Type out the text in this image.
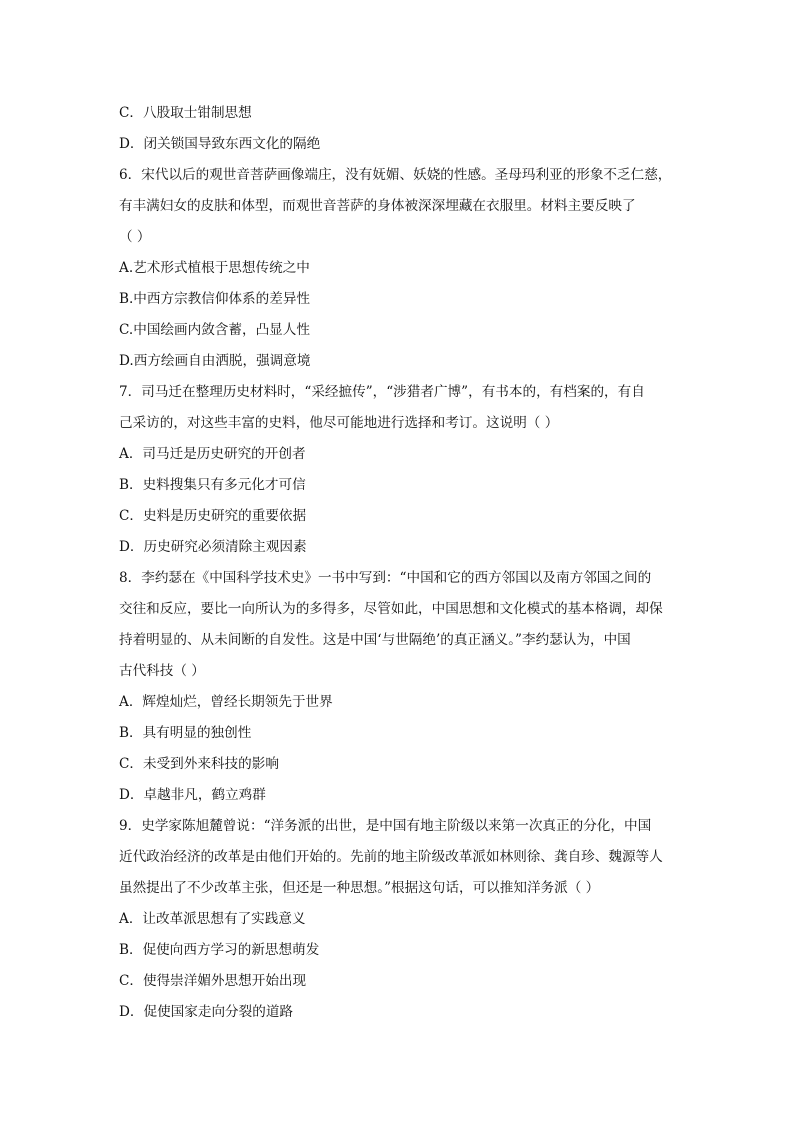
C．八股取士钳制思想
D．闭关锁国导致东西文化的隔绝
6．宋代以后的观世音菩萨画像端庄，没有妩媚、妖娆的性感。圣母玛利亚的形象不乏仁慈，
有丰满妇女的皮肤和体型，而观世音菩萨的身体被深深埋藏在衣服里。材料主要反映了
（ ）
A.艺术形式植根于思想传统之中
B.中西方宗教信仰体系的差异性
C.中国绘画内敛含蓄，凸显人性
D.西方绘画自由洒脱，强调意境
7．司马迁在整理历史材料时，“采经摭传”，“涉猎者广博”，有书本的，有档案的，有自
己采访的，对这些丰富的史料，他尽可能地进行选择和考订。这说明（ ）
A．司马迁是历史研究的开创者
B．史料搜集只有多元化才可信
C．史料是历史研究的重要依据
D．历史研究必须清除主观因素
8．李约瑟在《中国科学技术史》一书中写到：“中国和它的西方邻国以及南方邻国之间的
交往和反应，要比一向所认为的多得多，尽管如此，中国思想和文化模式的基本格调，却保
持着明显的、从未间断的自发性。这是中国‘与世隔绝’的真正涵义。”李约瑟认为，中国
古代科技（ ）
A．辉煌灿烂，曾经长期领先于世界
B．具有明显的独创性
C．未受到外来科技的影响
D．卓越非凡，鹤立鸡群
9．史学家陈旭麓曾说：“洋务派的出世，是中国有地主阶级以来第一次真正的分化，中国
近代政治经济的改革是由他们开始的。先前的地主阶级改革派如林则徐、龚自珍、魏源等人
虽然提出了不少改革主张，但还是一种思想。”根据这句话，可以推知洋务派（ ）
A．让改革派思想有了实践意义
B．促使向西方学习的新思想萌发
C．使得崇洋媚外思想开始出现
D．促使国家走向分裂的道路
